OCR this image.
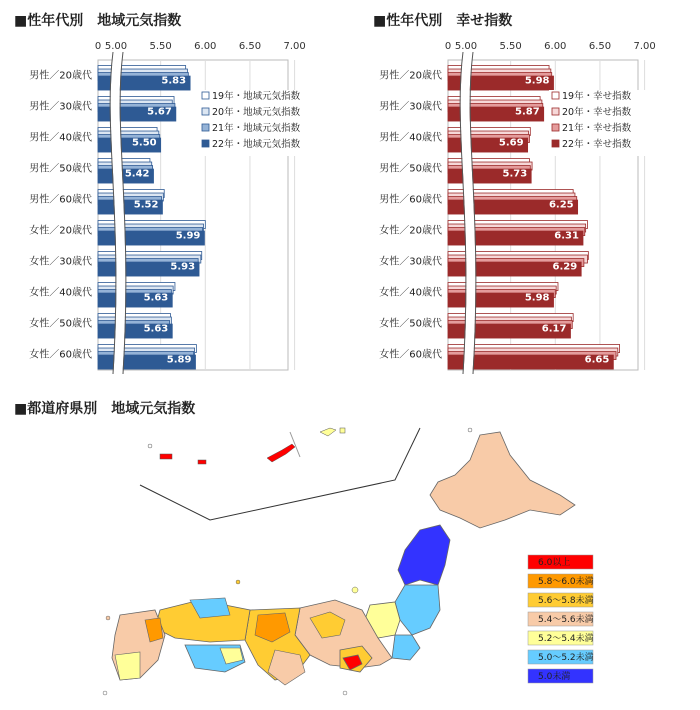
■性年代別　地域元気指数	■性年代別　幸せ指数
■都道府県別　地域元気指数
0 5.00 5.50 6.00 6.50 7.00
男性／20歳代	5.83
男性／30歳代	5.67
男性／40歳代	5.50
男性／50歳代	5.42
男性／60歳代	5.52
女性／20歳代	5.99
女性／30歳代	5.93
女性／40歳代	5.63
女性／50歳代	5.63
女性／60歳代	5.89
19年・地域元気指数
20年・地域元気指数
21年・地域元気指数
22年・地域元気指数
0 5.00 5.50 6.00 6.50 7.00
男性／20歳代	5.98
男性／30歳代	5.87
男性／40歳代	5.69
男性／50歳代	5.73
男性／60歳代	6.25
女性／20歳代	6.31
女性／30歳代	6.29
女性／40歳代	5.98
女性／50歳代	6.17
女性／60歳代	6.65
19年・幸せ指数
20年・幸せ指数
21年・幸せ指数
22年・幸せ指数
6.0以上
5.8～6.0未満
5.6～5.8未満
5.4～5.6未満
5.2～5.4未満
5.0～5.2未満
5.0未満
